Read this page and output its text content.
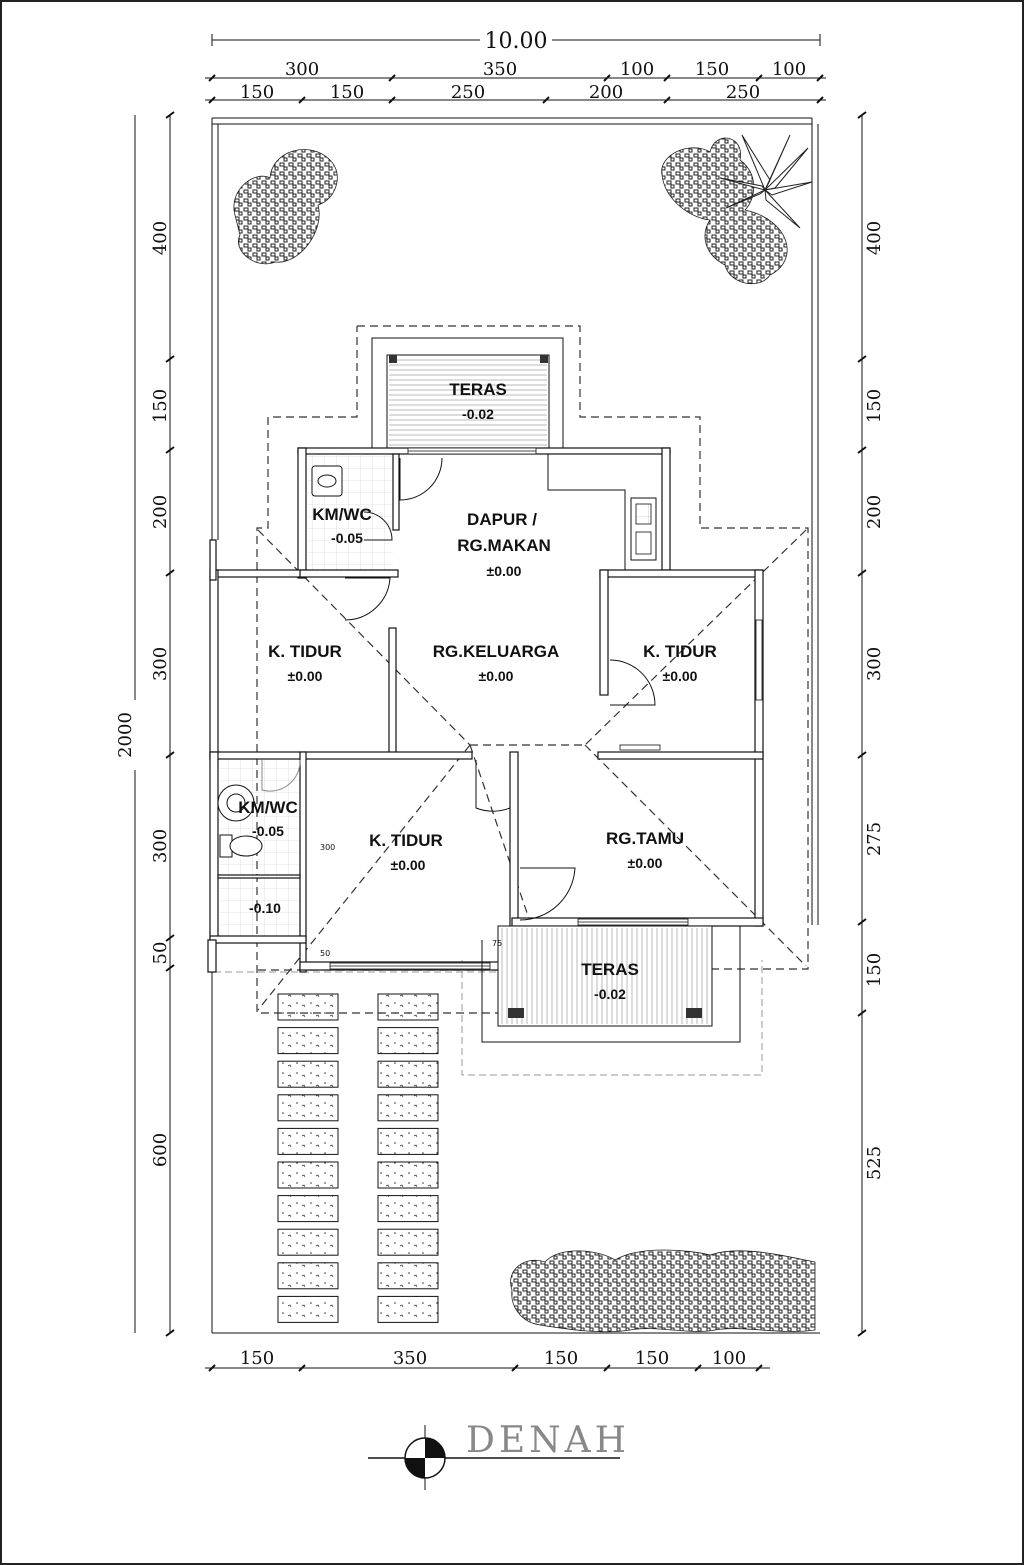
10.00
300	350	100 150 100
150	150	250	200	250
150	350	150	150 100
2000
400
150
200
300
300
50
600
400
150
200
300
275
150
525
300
50
75
TERAS
-0.02
KM/WC
-0.05
DAPUR /
RG.MAKAN
±0.00
K. TIDUR
±0.00
RG.KELUARGA
±0.00
K. TIDUR
±0.00
KM/WC
-0.05
-0.10
K. TIDUR
±0.00
RG.TAMU
±0.00
TERAS
-0.02
DENAH
